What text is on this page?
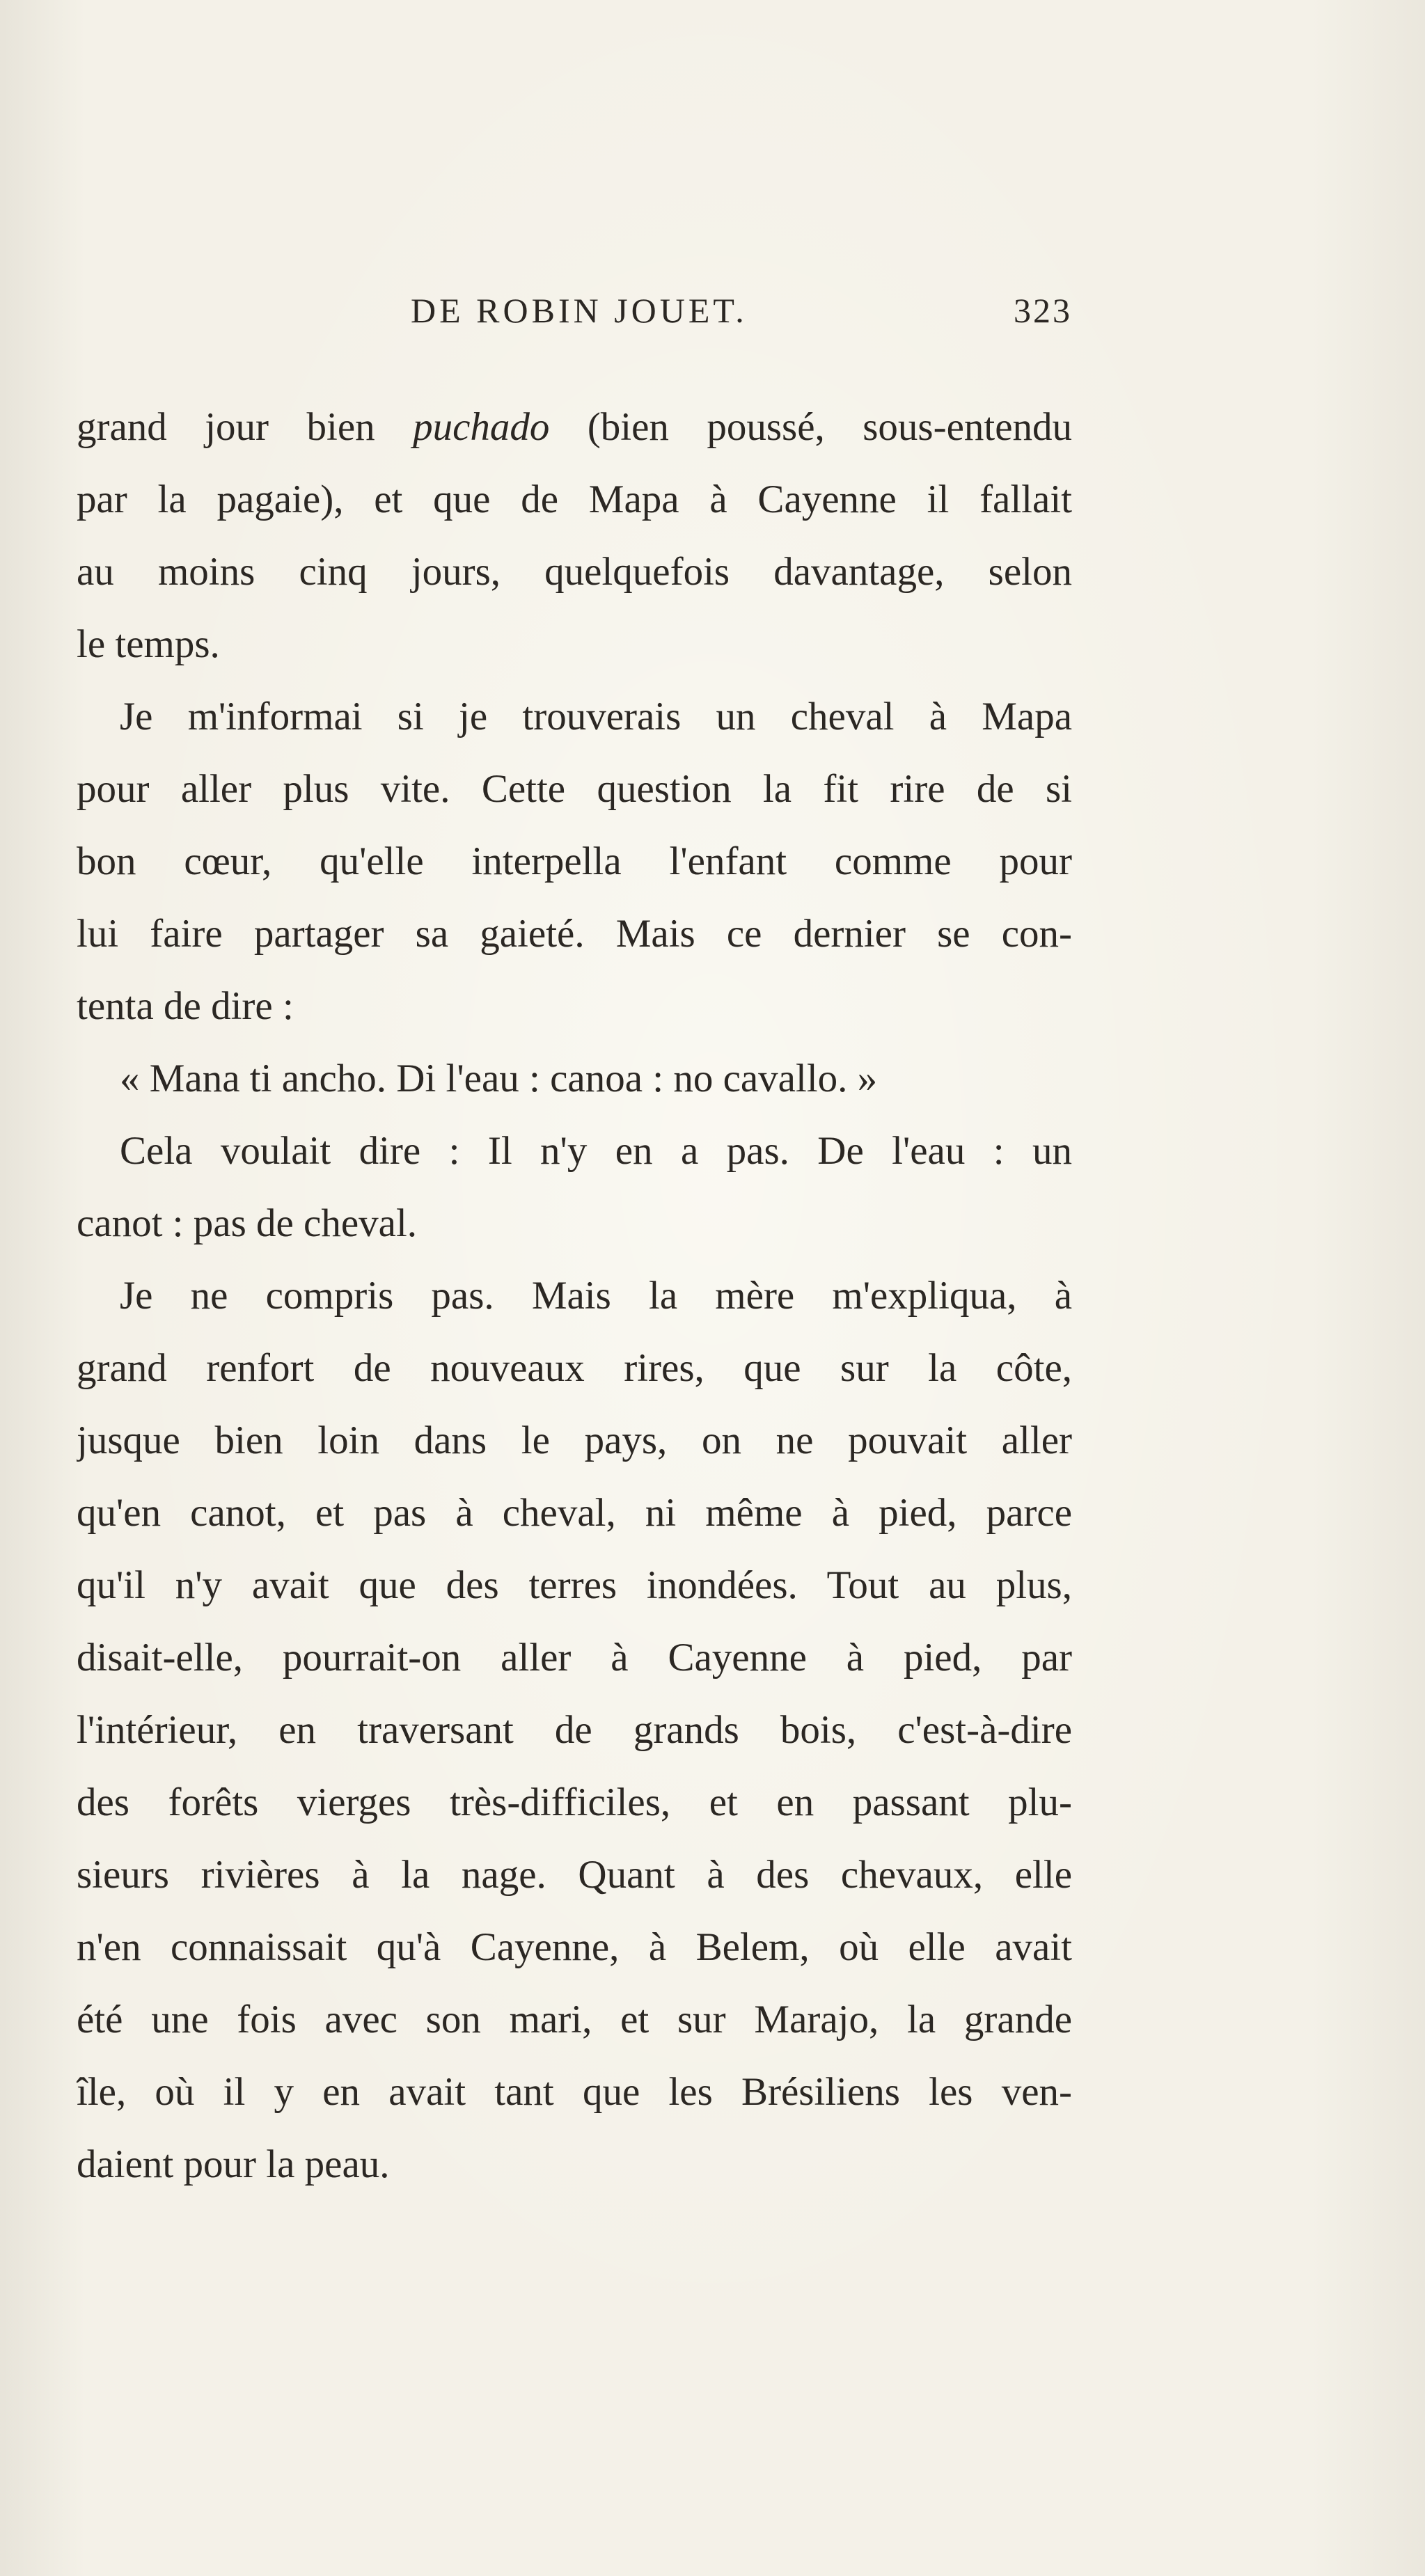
DE ROBIN JOUET.	323
grand jour bien puchado (bien poussé, sous-entendu
par la pagaie), et que de Mapa à Cayenne il fallait
au moins cinq jours, quelquefois davantage, selon
le temps.
Je m'informai si je trouverais un cheval à Mapa
pour aller plus vite. Cette question la fit rire de si
bon cœur, qu'elle interpella l'enfant comme pour
lui faire partager sa gaieté. Mais ce dernier se con-
tenta de dire :
« Mana ti ancho. Di l'eau : canoa : no cavallo. »
Cela voulait dire : Il n'y en a pas. De l'eau : un
canot : pas de cheval.
Je ne compris pas. Mais la mère m'expliqua, à
grand renfort de nouveaux rires, que sur la côte,
jusque bien loin dans le pays, on ne pouvait aller
qu'en canot, et pas à cheval, ni même à pied, parce
qu'il n'y avait que des terres inondées. Tout au plus,
disait-elle, pourrait-on aller à Cayenne à pied, par
l'intérieur, en traversant de grands bois, c'est-à-dire
des forêts vierges très-difficiles, et en passant plu-
sieurs rivières à la nage. Quant à des chevaux, elle
n'en connaissait qu'à Cayenne, à Belem, où elle avait
été une fois avec son mari, et sur Marajo, la grande
île, où il y en avait tant que les Brésiliens les ven-
daient pour la peau.
